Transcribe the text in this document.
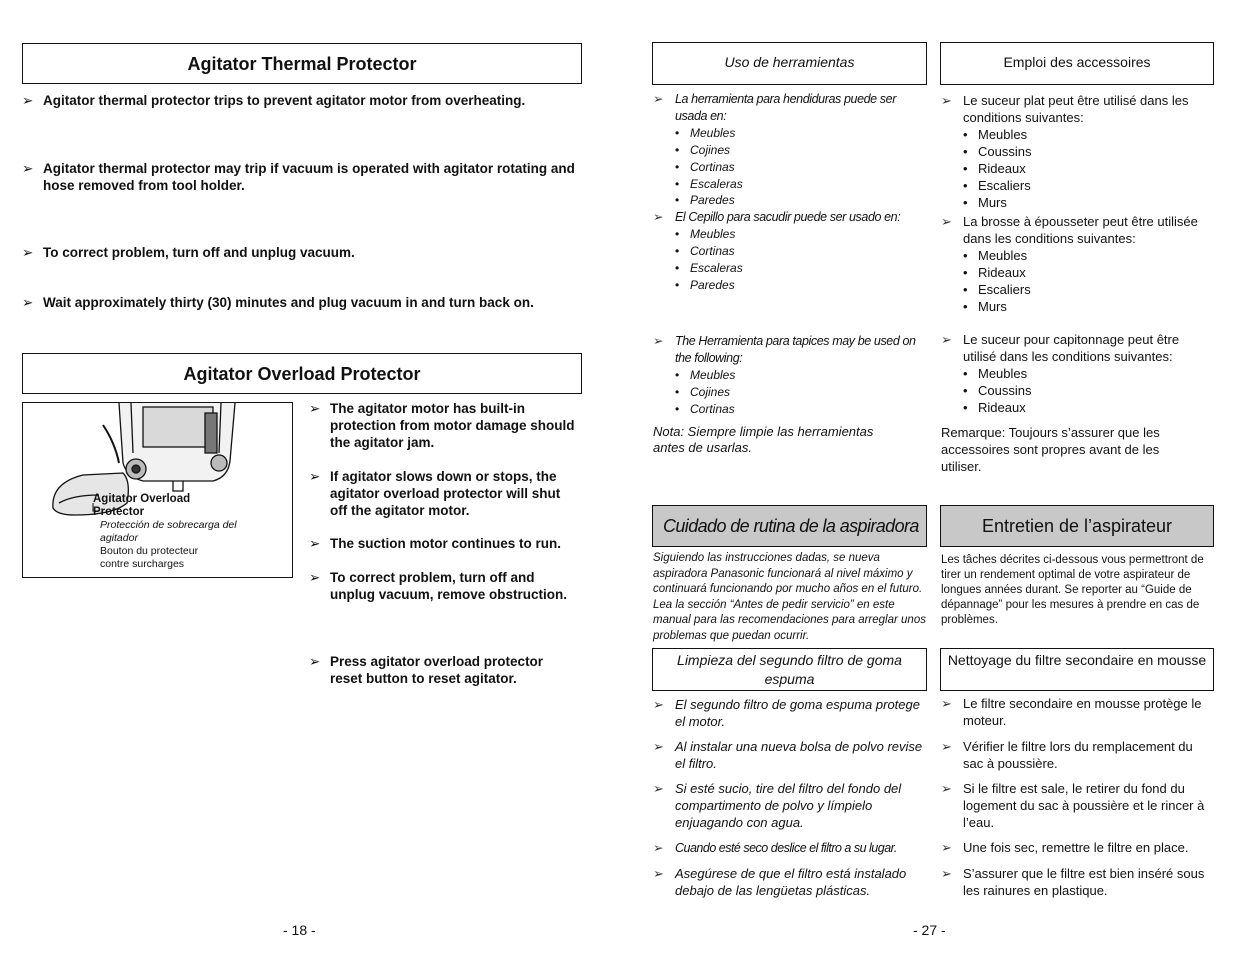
Agitator Thermal Protector
➢ Agitator thermal protector trips to prevent agitator motor from overheating.
➢ Agitator thermal protector may trip if vacuum is operated with agitator rotating and hose removed from tool holder.
➢ To correct problem, turn off and unplug vacuum.
➢ Wait approximately thirty (30) minutes and plug vacuum in and turn back on.
Agitator Overload Protector
Agitator Overload Protector
Protección de sobrecarga del agitador
Bouton du protecteur contre surcharges
➢ The agitator motor has built-in protection from motor damage should the agitator jam.
➢ If agitator slows down or stops, the agitator overload protector will shut off the agitator motor.
➢ The suction motor continues to run.
➢ To correct problem, turn off and unplug vacuum, remove obstruction.
➢ Press agitator overload protector reset button to reset agitator.
- 18 -
Uso de herramientas	Emploi des accessoires
➢ La herramienta para hendiduras puede ser usada en:
• Meubles
• Cojines
• Cortinas
• Escaleras
• Paredes
➢ El Cepillo para sacudir puede ser usado en:
• Meubles
• Cortinas
• Escaleras
• Paredes
➢ The Herramienta para tapices may be used on the following:
• Meubles
• Cojines
• Cortinas
Nota: Siempre limpie las herramientas antes de usarlas.
➢ Le suceur plat peut être utilisé dans les conditions suivantes:
• Meubles
• Coussins
• Rideaux
• Escaliers
• Murs
➢ La brosse à épousseter peut être utilisée dans les conditions suivantes:
• Meubles
• Rideaux
• Escaliers
• Murs
➢ Le suceur pour capitonnage peut être utilisé dans les conditions suivantes:
• Meubles
• Coussins
• Rideaux
Remarque: Toujours s’assurer que les accessoires sont propres avant de les utiliser.
Cuidado de rutina de la aspiradora	Entretien de l’aspirateur
Siguiendo las instrucciones dadas, se nueva aspiradora Panasonic funcionará al nivel máximo y continuará funcionando por mucho años en el futuro. Lea la sección “Antes de pedir servicio” en este manual para las recomendaciones para arreglar unos problemas que puedan ocurrir.
Les tâches décrites ci-dessous vous permettront de tirer un rendement optimal de votre aspirateur de longues années durant. Se reporter au “Guide de dépannage” pour les mesures à prendre en cas de problèmes.
Limpieza del segundo filtro de goma espuma
Nettoyage du filtre secondaire en mousse
➢ El segundo filtro de goma espuma protege el motor.
➢ Al instalar una nueva bolsa de polvo revise el filtro.
➢ Si esté sucio, tire del filtro del fondo del compartimento de polvo y límpielo enjuagando con agua.
➢ Cuando esté seco deslice el filtro a su lugar.
➢ Asegúrese de que el filtro está instalado debajo de las lengüetas plásticas.
➢ Le filtre secondaire en mousse protège le moteur.
➢ Vérifier le filtre lors du remplacement du sac à poussière.
➢ Si le filtre est sale, le retirer du fond du logement du sac à poussière et le rincer à l’eau.
➢ Une fois sec, remettre le filtre en place.
➢ S’assurer que le filtre est bien inséré sous les rainures en plastique.
- 27 -
